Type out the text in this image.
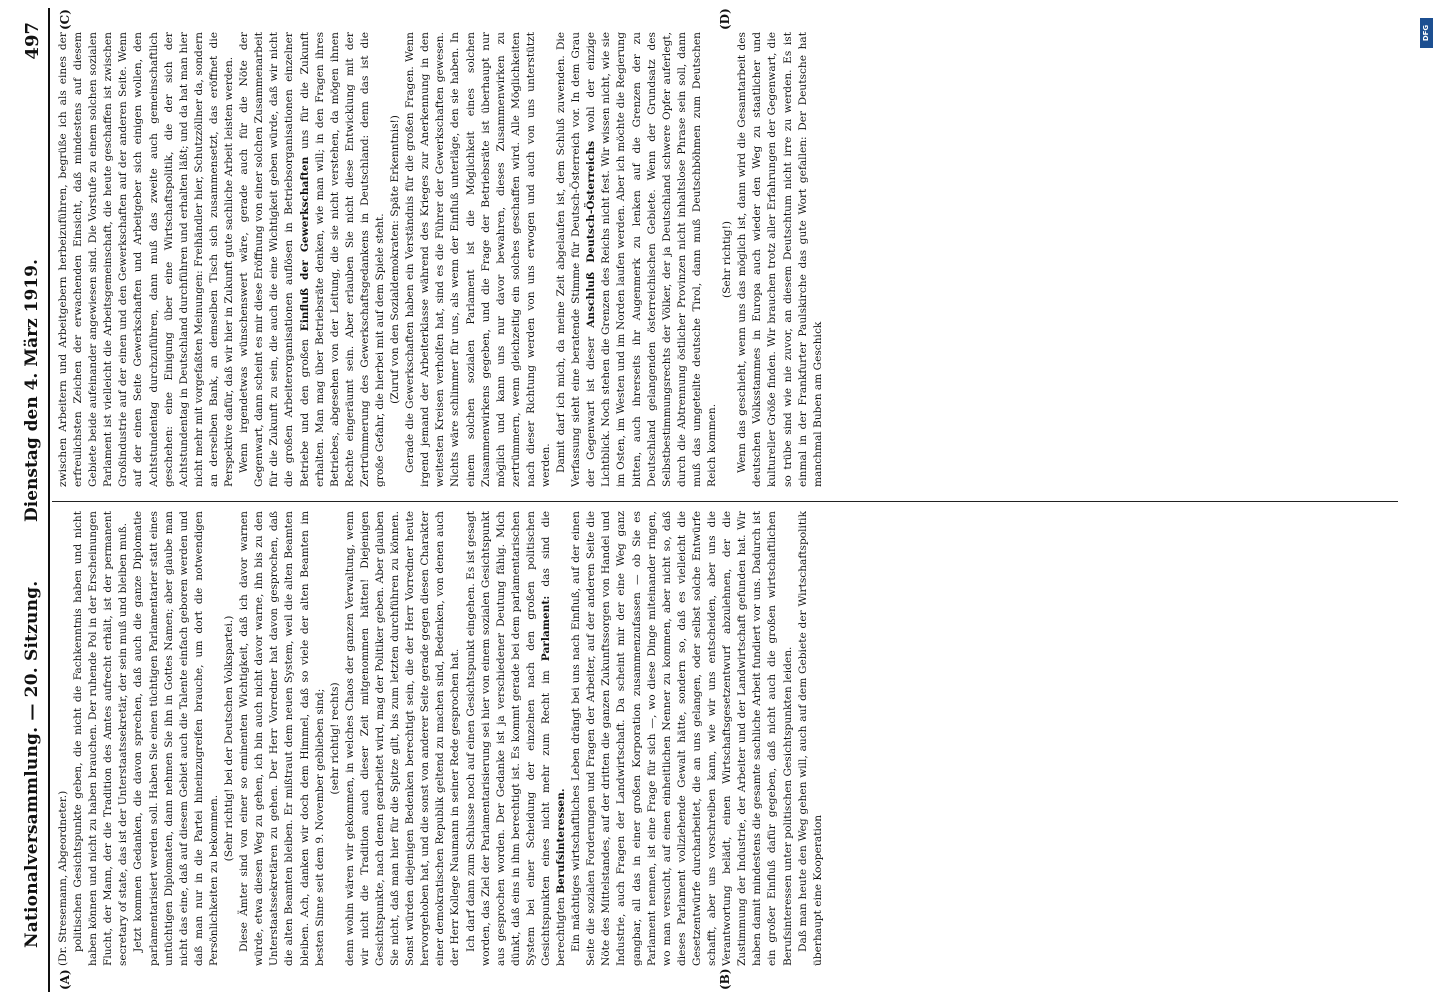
Nationalversammlung. — 20. Sitzung.
Dienstag den 4. März 1919.
497
(A)	(B)
(C)	(D)

(Dr. Stresemann, Abgeordneter.) politischen Gesichtspunkte geben, die nicht die Fachkenntnis haben und nicht haben können und nicht zu haben brauchen. Der ruhende Pol in der Erscheinungen Flucht, der Mann, der die Tradition des Amtes aufrecht erhält, ist der permanent secretary of state, das ist der Unterstaatssekretär, der sein muß und bleiben muß. Jetzt kommen Gedanken, die davon sprechen, daß auch die ganze Diplomatie parlamentarisiert werden soll. Haben Sie einen tüchtigen Parlamentarier statt eines untüchtigen Diplomaten, dann nehmen Sie ihn in Gottes Namen; aber glaube man nicht das eine, daß auf diesem Gebiet auch die Talente einfach geboren werden und daß man nur in die Partei hineinzugreifen brauche, um dort die notwendigen Persönlichkeiten zu bekommen.

(Sehr richtig! bei der Deutschen Volkspartei.) Diese Ämter sind von einer so eminenten Wichtigkeit, daß ich davor warnen würde, etwa diesen Weg zu gehen, ich bin auch nicht davor warne, ihn bis zu den Unterstaatssekretären zu gehen. Der Herr Vorredner hat davon gesprochen, daß die alten Beamten bleiben. Er mißtraut dem neuen System, weil die alten Beamten bleiben. Ach, danken wir doch dem Himmel, daß so viele der alten Beamten im besten Sinne seit dem 9. November geblieben sind; (sehr richtig! rechts) denn wohin wären wir gekommen, in welches Chaos der ganzen Verwaltung, wenn wir nicht die Tradition auch dieser Zeit mitgenommen hätten! Diejenigen Gesichtspunkte, nach denen gearbeitet wird, mag der Politiker geben. Aber glauben Sie nicht, daß man hier für die Spitze gilt, bis zum letzten durchführen zu können. Sonst würden diejenigen Bedenken berechtigt sein, die der Herr Vorredner heute hervorgehoben hat, und die sonst von anderer Seite gerade gegen diesen Charakter einer demokratischen Republik geltend zu machen sind, Bedenken, von denen auch der Herr Kollege Naumann in seiner Rede gesprochen hat. Ich darf dann zum Schlusse noch auf einen Gesichtspunkt eingehen. Es ist gesagt worden, das Ziel der Parlamentarisierung sei hier von einem sozialen Gesichtspunkt aus gesprochen worden. Der Gedanke ist ja verschiedener Deutung fähig. Mich dünkt, daß eins in ihm berechtigt ist. Es kommt gerade bei dem parlamentarischen System bei einer Scheidung der einzelnen nach den großen politischen Gesichtspunkten eines nicht mehr zum Recht im Parlament: das sind die berechtigten Berufsinteressen. Ein mächtiges wirtschaftliches Leben drängt bei uns nach Einfluß, auf der einen Seite die sozialen Forderungen und Fragen der Arbeiter, auf der anderen Seite die Nöte des Mittelstandes, auf der dritten die ganzen Zukunftssorgen von Handel und Industrie, auch Fragen der Landwirtschaft. Da scheint mir der eine Weg ganz gangbar, all das in einer großen Korporation zusammenzufassen — ob Sie es Parlament nennen, ist eine Frage für sich —, wo diese Dinge miteinander ringen, wo man versucht, auf einen einheitlichen Nenner zu kommen, aber nicht so, daß dieses Parlament vollziehende Gewalt hätte, sondern so, daß es vielleicht die Gesetzentwürfe durcharbeitet, die an uns gelangen, oder selbst solche Entwürfe schafft, aber uns vorschreiben kann, wie wir uns entscheiden, aber uns die Verantwortung belädt, einen Wirtschaftsgesetzentwurf abzulehnen, der die Zustimmung der Industrie, der Arbeiter und der Landwirtschaft gefunden hat. Wir haben damit mindestens die gesamte sachliche Arbeit fundiert vor uns. Dadurch ist ein großer Einfluß dafür gegeben, daß nicht auch die großen wirtschaftlichen Berufsinteressen unter politischen Gesichtspunkten leiden. Daß man heute den Weg gehen will, auch auf dem Gebiete der Wirtschaftspolitik überhaupt eine Kooperation

zwischen Arbeitern und Arbeitgebern herbeizuführen, begrüße ich als eines der erfreulichsten Zeichen der erwachenden Einsicht, daß mindestens auf diesem Gebiete beide aufeinander angewiesen sind. Die Vorstufe zu einem solchen sozialen Parlament ist vielleicht die Arbeitsgemeinschaft, die heute geschaffen ist zwischen Großindustrie auf der einen und den Gewerkschaften auf der anderen Seite. Wenn auf der einen Seite Gewerkschaften und Arbeitgeber sich einigen wollen, den Achtstundentag durchzuführen, dann muß das zweite auch gemeinschaftlich geschehen: eine Einigung über eine Wirtschaftspolitik, die der sich der Achtstundentag in Deutschland durchführen und erhalten läßt; und da hat man hier nicht mehr mit vorgefaßten Meinungen: Freihändler hier, Schutzzöllner da, sondern an derselben Bank, an demselben Tisch sich zusammensetzt, das eröffnet die Perspektive dafür, daß wir hier in Zukunft gute sachliche Arbeit leisten werden. Wenn irgendetwas wünschenswert wäre, gerade auch für die Nöte der Gegenwart, dann scheint es mir diese Eröffnung von einer solchen Zusammenarbeit für die Zukunft zu sein, die auch die eine Wichtigkeit geben würde, daß wir nicht die großen Arbeiterorganisationen auflösen in Betriebsorganisationen einzelner Betriebe und den großen Einfluß der Gewerkschaften uns für die Zukunft erhalten. Man mag über Betriebsräte denken, wie man will; in den Fragen ihres Betriebes, abgesehen von der Leitung, die sie nicht verstehen, da mögen ihnen Rechte eingeräumt sein. Aber erlauben Sie nicht diese Entwicklung mit der Zertrümmerung des Gewerkschaftsgedankens in Deutschland: denn das ist die große Gefahr, die hierbei mit auf dem Spiele steht. (Zuruf von den Sozialdemokraten: Späte Erkenntnis!) Gerade die Gewerkschaften haben ein Verständnis für die großen Fragen. Wenn irgend jemand der Arbeiterklasse während des Krieges zur Anerkennung in den weitesten Kreisen verholfen hat, sind es die Führer der Gewerkschaften gewesen. Nichts wäre schlimmer für uns, als wenn der Einfluß unterläge, den sie haben. In einem solchen sozialen Parlament ist die Möglichkeit eines solchen Zusammenwirkens gegeben, und die Frage der Betriebsräte ist überhaupt nur möglich und kann uns nur davor bewahren, dieses Zusammenwirken zu zertrümmern, wenn gleichzeitig ein solches geschaffen wird. Alle Möglichkeiten nach dieser Richtung werden von uns erwogen und auch von uns unterstützt werden. Damit darf ich mich, da meine Zeit abgelaufen ist, dem Schluß zuwenden. Die Verfassung sieht eine beratende Stimme für Deutsch-Österreich vor. In dem Grau der Gegenwart ist dieser Anschluß Deutsch-Österreichs wohl der einzige Lichtblick. Noch stehen die Grenzen des Reichs nicht fest. Wir wissen nicht, wie sie im Osten, im Westen und im Norden laufen werden. Aber ich möchte die Regierung bitten, auch ihrerseits ihr Augenmerk zu lenken auf die Grenzen der zu Deutschland gelangenden österreichischen Gebiete. Wenn der Grundsatz des Selbstbestimmungsrechts der Völker, der ja Deutschland schwere Opfer auferlegt, durch die Abtrennung östlicher Provinzen nicht inhaltslose Phrase sein soll, dann muß das umgeteilte deutsche Tirol, dann muß Deutschböhmen zum Deutschen Reich kommen.

(Sehr richtig!) Wenn das geschieht, wenn uns das möglich ist, dann wird die Gesamtarbeit des deutschen Volksstammes in Europa auch wieder den Weg zu staatlicher und kultureller Größe finden. Wir brauchen trotz aller Erfahrungen der Gegenwart, die so trübe sind wie nie zuvor, an diesem Deutschtum nicht irre zu werden. Es ist einmal in der Frankfurter Paulskirche das gute Wort gefallen: Der Deutsche hat manchmal Buben am Geschick

DFG
